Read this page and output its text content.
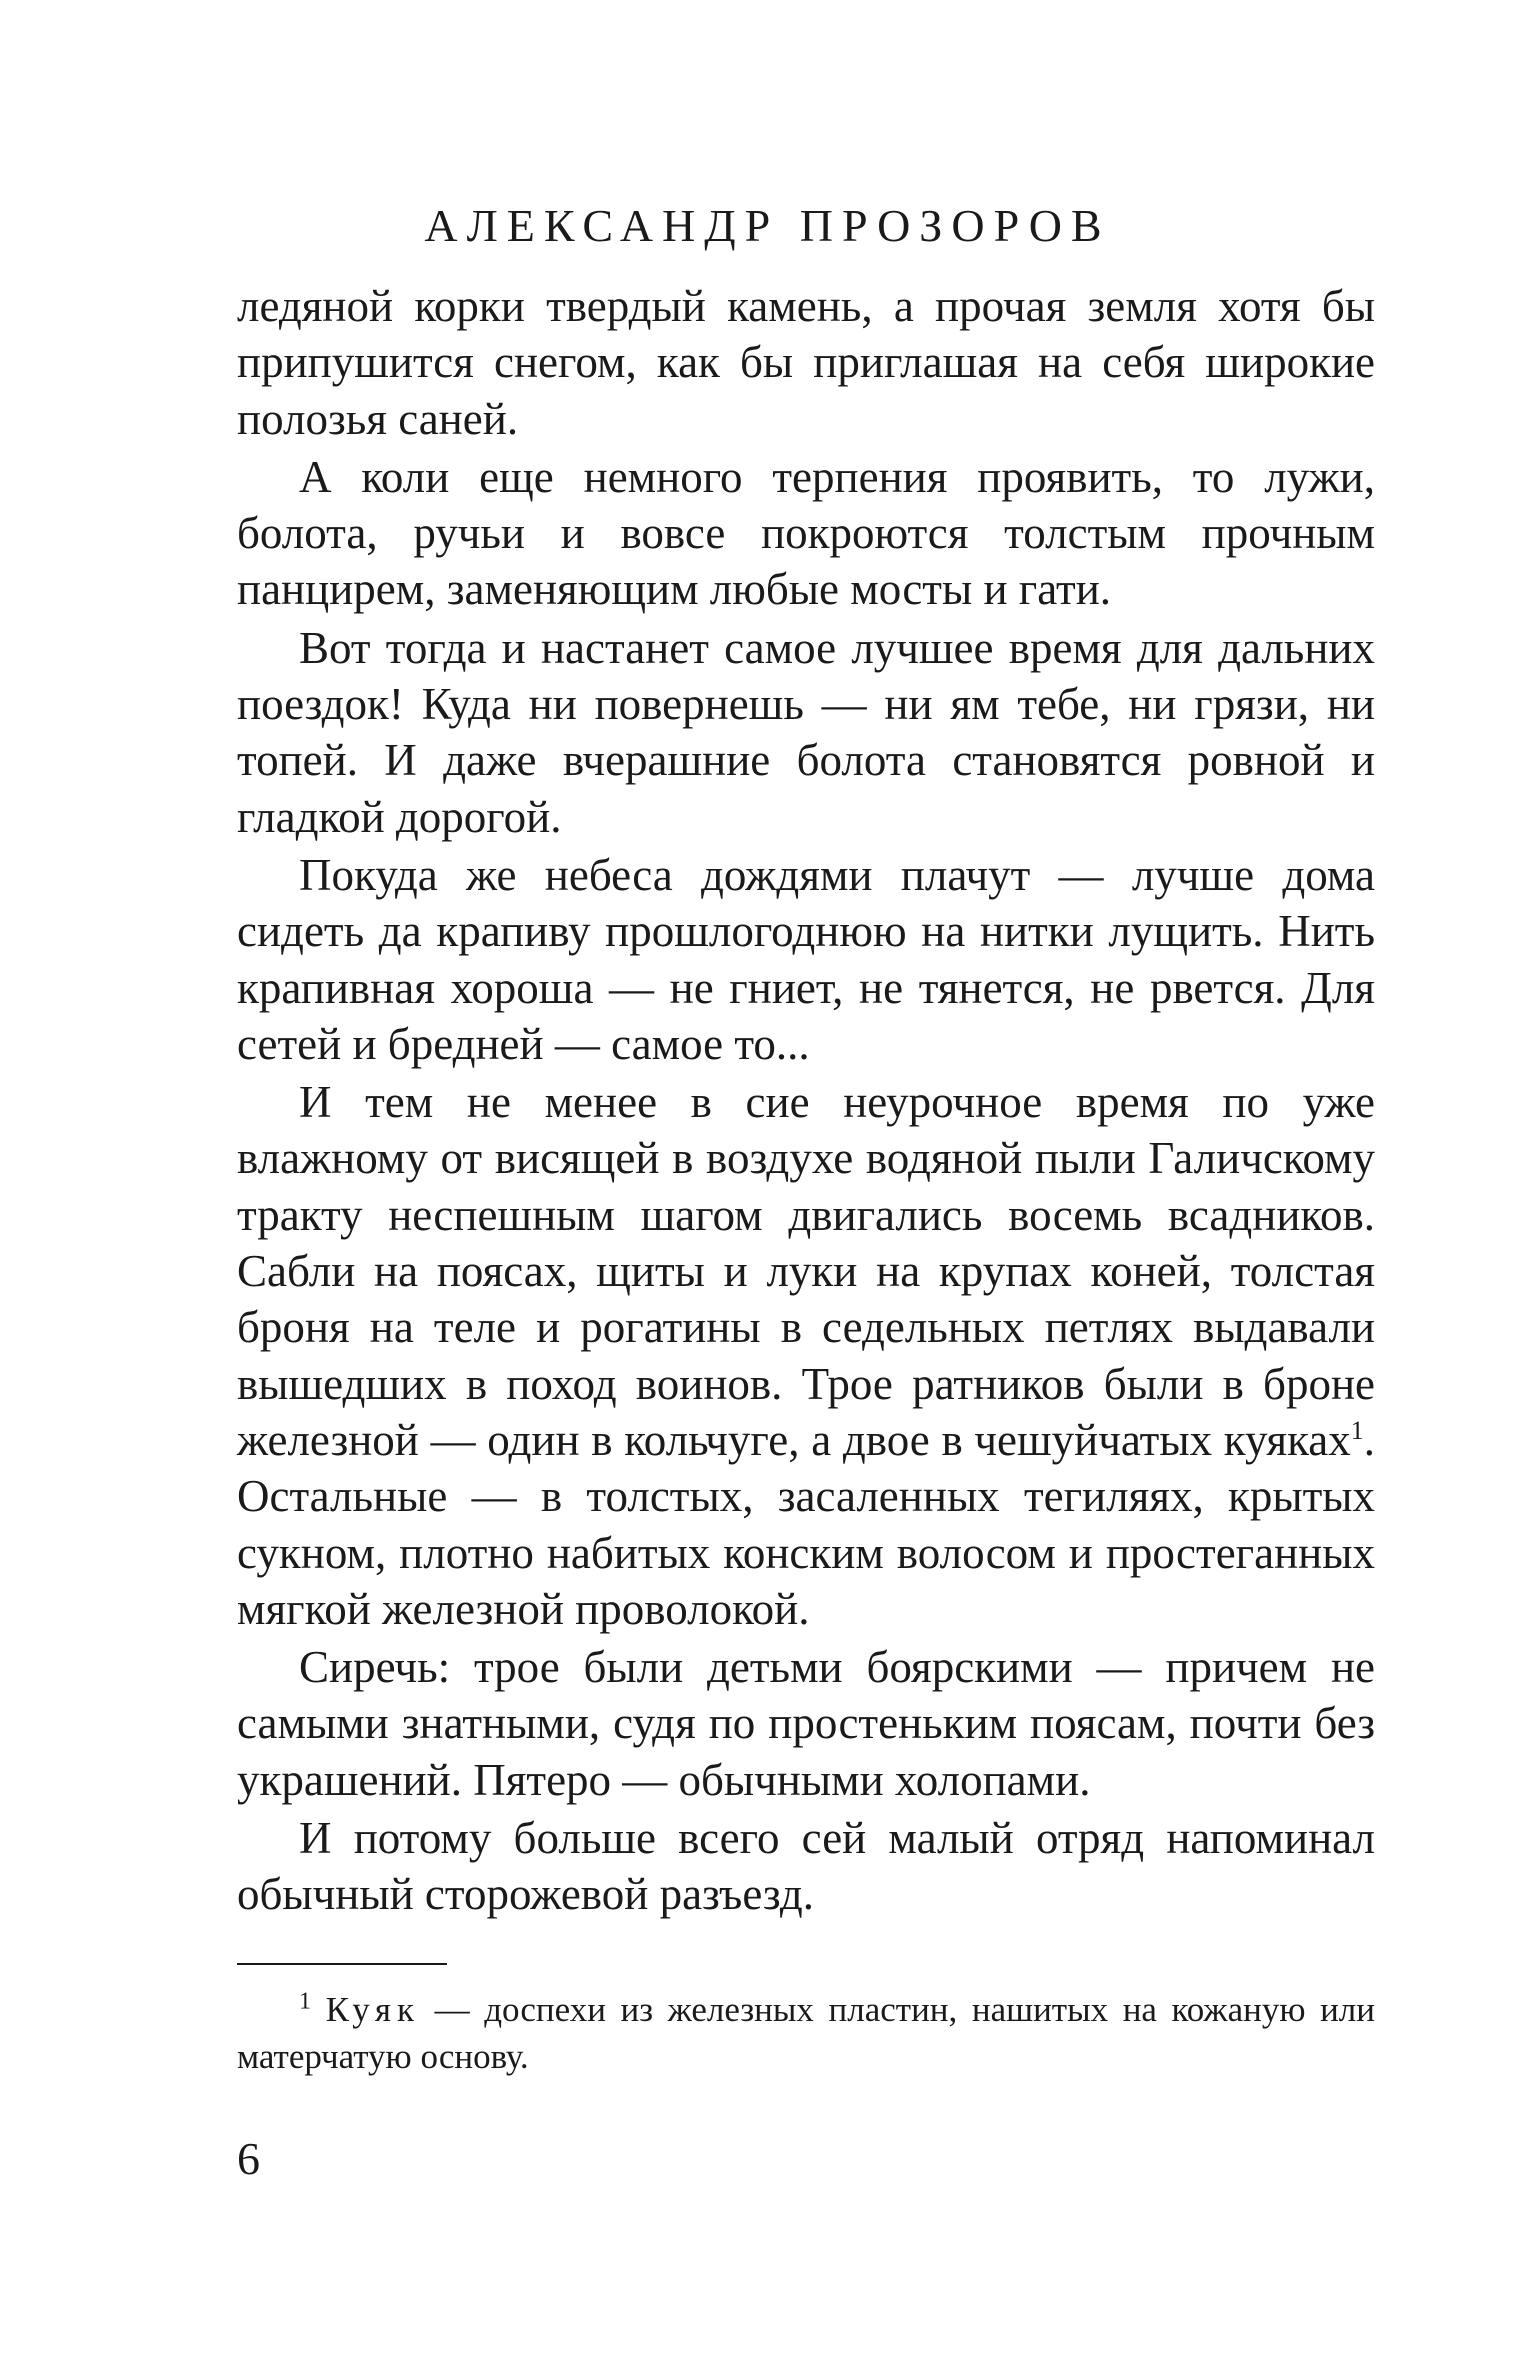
АЛЕКСАНДР ПРОЗОРОВ

ледяной корки твердый камень, а прочая земля хотя бы припушится снегом, как бы приглашая на себя широкие полозья саней.

А коли еще немного терпения проявить, то лужи, болота, ручьи и вовсе покроются толстым прочным панцирем, заменяющим любые мосты и гати.

Вот тогда и настанет самое лучшее время для дальних поездок! Куда ни повернешь — ни ям тебе, ни грязи, ни топей. И даже вчерашние болота становятся ровной и гладкой дорогой.

Покуда же небеса дождями плачут — лучше дома сидеть да крапиву прошлогоднюю на нитки лущить. Нить крапивная хороша — не гниет, не тянется, не рвется. Для сетей и бредней — самое то...

И тем не менее в сие неурочное время по уже влажному от висящей в воздухе водяной пыли Галичскому тракту неспешным шагом двигались восемь всадников. Сабли на поясах, щиты и луки на крупах коней, толстая броня на теле и рогатины в седельных петлях выдавали вышедших в поход воинов. Трое ратников были в броне железной — один в кольчуге, а двое в чешуйчатых куяках$^1$. Остальные — в толстых, засаленных тегиляях, крытых сукном, плотно набитых конским волосом и простеганных мягкой железной проволокой.

Сиречь: трое были детьми боярскими — причем не самыми знатными, судя по простеньким поясам, почти без украшений. Пятеро — обычными холопами.

И потому больше всего сей малый отряд напоминал обычный сторожевой разъезд.

$^1$ Куяк — доспехи из железных пластин, нашитых на кожаную или матерчатую основу.

6
